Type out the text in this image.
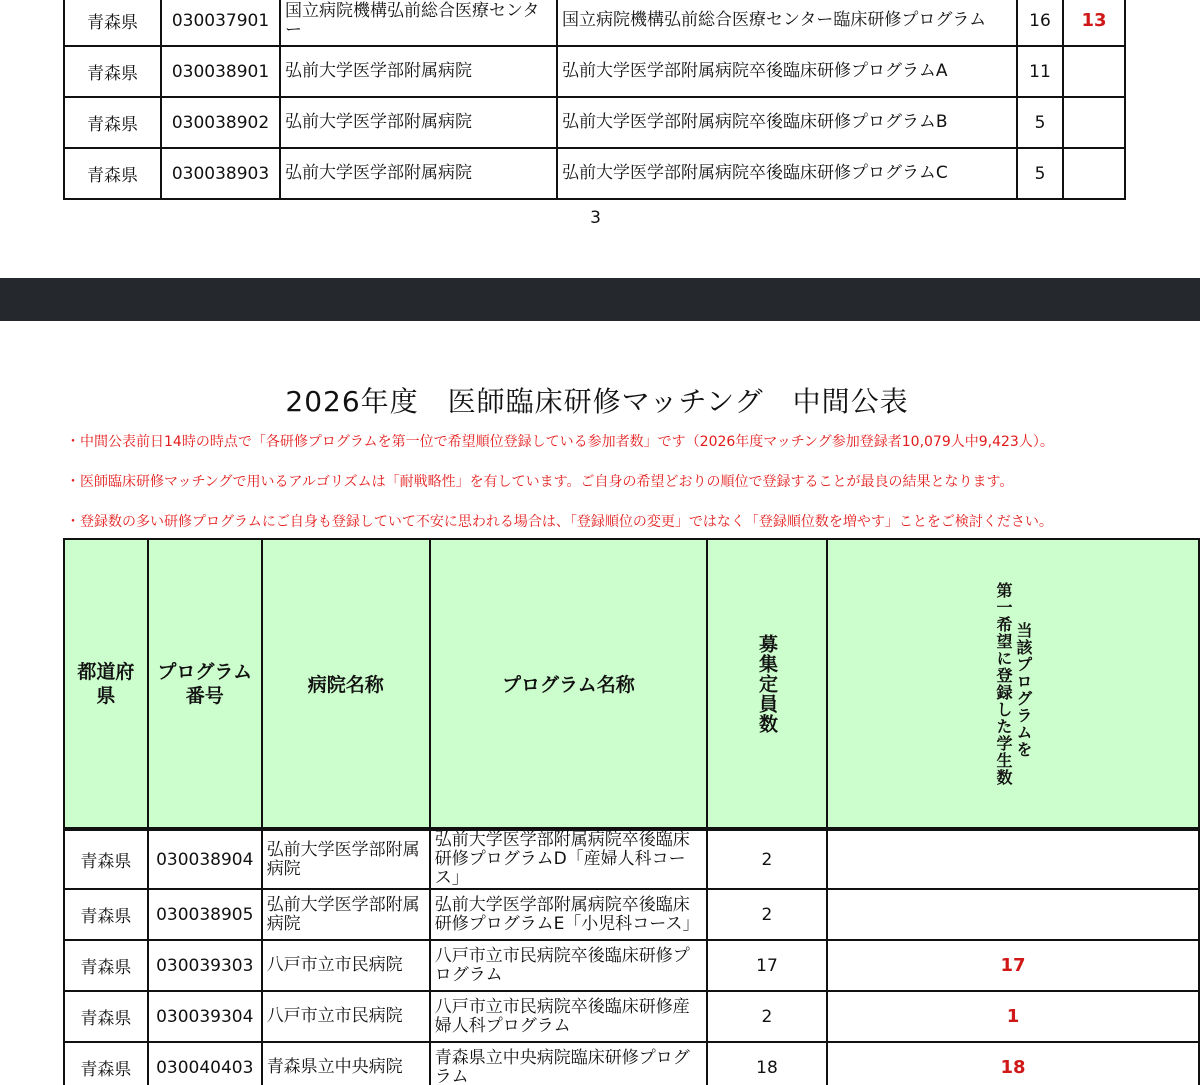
青森県	030037901	国立病院機構弘前総合医療センター	国立病院機構弘前総合医療センター臨床研修プログラム	16	13
青森県	030038901	弘前大学医学部附属病院	弘前大学医学部附属病院卒後臨床研修プログラムA	11	
青森県	030038902	弘前大学医学部附属病院	弘前大学医学部附属病院卒後臨床研修プログラムB	5	
青森県	030038903	弘前大学医学部附属病院	弘前大学医学部附属病院卒後臨床研修プログラムC	5	
3
2026年度　医師臨床研修マッチング　中間公表
・中間公表前日14時の時点で「各研修プログラムを第一位で希望順位登録している参加者数」です（2026年度マッチング参加登録者10,079人中9,423人）。
・医師臨床研修マッチングで用いるアルゴリズムは「耐戦略性」を有しています。ご自身の希望どおりの順位で登録することが最良の結果となります。
・登録数の多い研修プログラムにご自身も登録していて不安に思われる場合は、「登録順位の変更」ではなく「登録順位数を増やす」ことをご検討ください。
都道府県	プログラム番号	病院名称	プログラム名称	募集定員数	当該プログラムを
第一希望に登録した学生数

青森県	030038904	弘前大学医学部附属病院	弘前大学医学部附属病院卒後臨床研修プログラムD「産婦人科コース」	2	
青森県	030038905	弘前大学医学部附属病院	弘前大学医学部附属病院卒後臨床研修プログラムE「小児科コース」	2	
青森県	030039303	八戸市立市民病院	八戸市立市民病院卒後臨床研修プログラム	17	17
青森県	030039304	八戸市立市民病院	八戸市立市民病院卒後臨床研修産婦人科プログラム	2	1
青森県	030040403	青森県立中央病院	青森県立中央病院臨床研修プログラム	18	18
